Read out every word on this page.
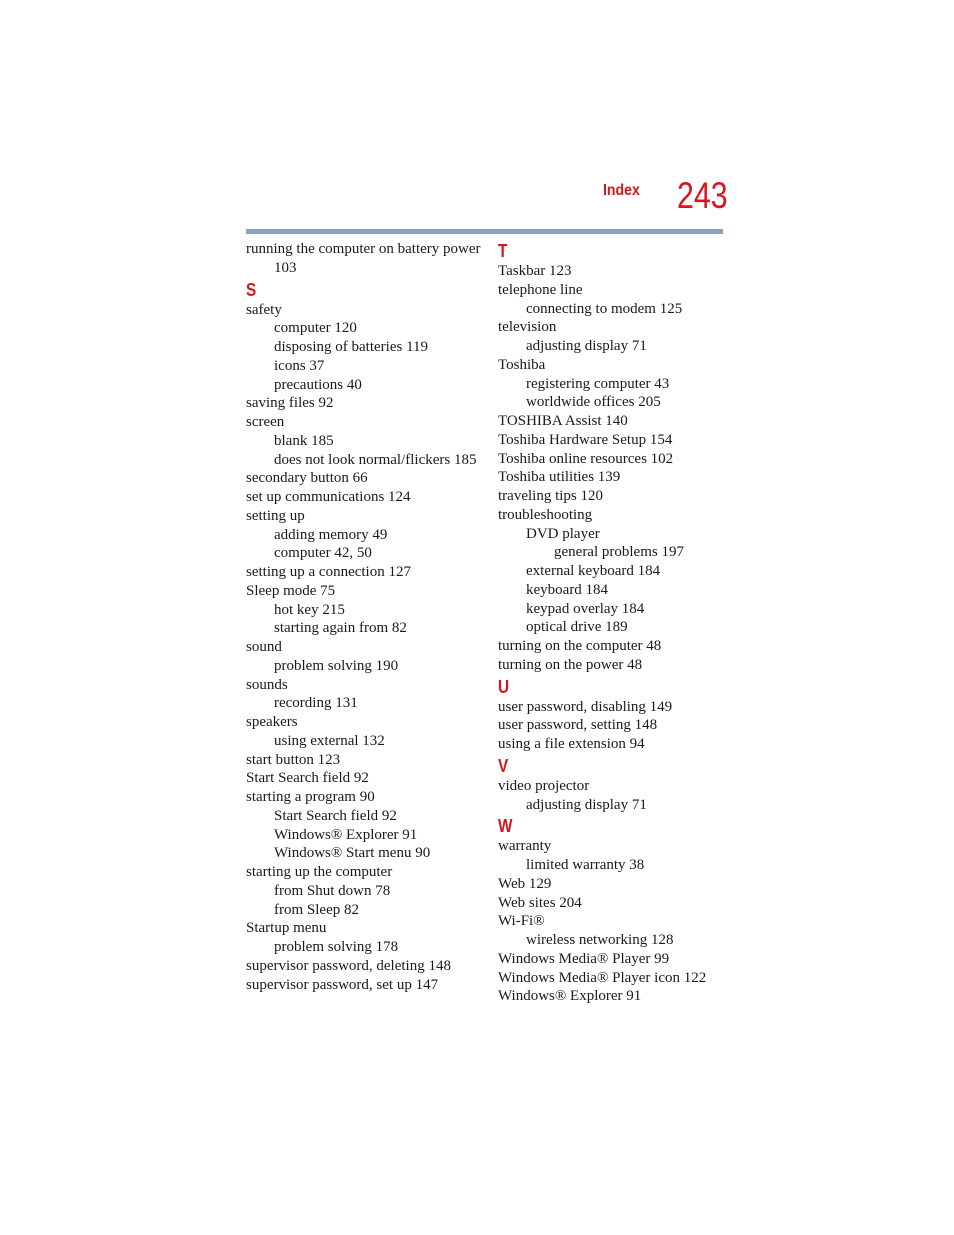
Index 243
running the computer on battery power
103
S
safety
computer 120
disposing of batteries 119
icons 37
precautions 40
saving files 92
screen
blank 185
does not look normal/flickers 185
secondary button 66
set up communications 124
setting up
adding memory 49
computer 42, 50
setting up a connection 127
Sleep mode 75
hot key 215
starting again from 82
sound
problem solving 190
sounds
recording 131
speakers
using external 132
start button 123
Start Search field 92
starting a program 90
Start Search field 92
Windows® Explorer 91
Windows® Start menu 90
starting up the computer
from Shut down 78
from Sleep 82
Startup menu
problem solving 178
supervisor password, deleting 148
supervisor password, set up 147
T
Taskbar 123
telephone line
connecting to modem 125
television
adjusting display 71
Toshiba
registering computer 43
worldwide offices 205
TOSHIBA Assist 140
Toshiba Hardware Setup 154
Toshiba online resources 102
Toshiba utilities 139
traveling tips 120
troubleshooting
DVD player
general problems 197
external keyboard 184
keyboard 184
keypad overlay 184
optical drive 189
turning on the computer 48
turning on the power 48
U
user password, disabling 149
user password, setting 148
using a file extension 94
V
video projector
adjusting display 71
W
warranty
limited warranty 38
Web 129
Web sites 204
Wi-Fi®
wireless networking 128
Windows Media® Player 99
Windows Media® Player icon 122
Windows® Explorer 91
